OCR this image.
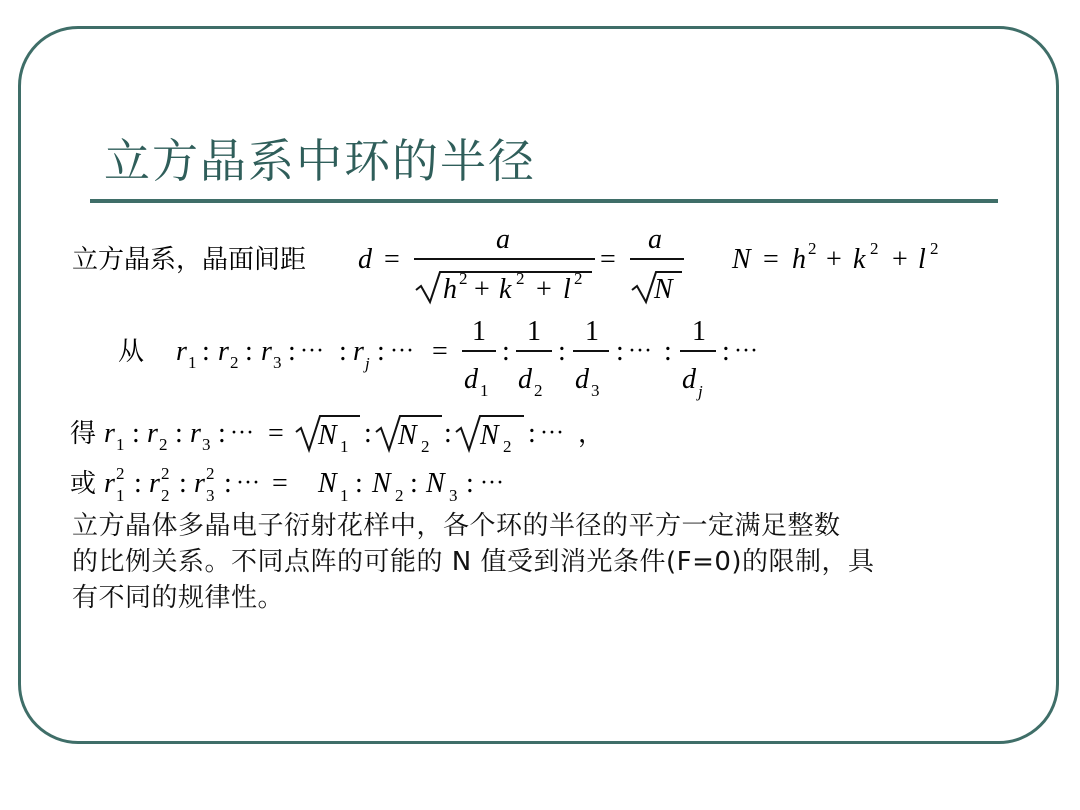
立方晶系中环的半径
立方晶系，晶面间距 d =
a
h 2 + k 2 + l 2
=
a
N
N = h 2 + k 2 + l 2
从 r 1 : r 2 : r 3 : ··· : r j : ··· =
1
d 1
:
1
d 2
:
1
d 3
: ··· :
1
d j
: ···
得 r 1 : r 2 : r 3 : ··· = N 1 : N 2 : N 2 : ··· ，
或 r 2
1 : r 2
2 : r 2
3 : ··· = N 1 : N 2 : N 3 : ···
立方晶体多晶电子衍射花样中，各个环的半径的平方一定满足整数
的比例关系。不同点阵的可能的 N 值受到消光条件(F=0)的限制，具
有不同的规律性。
